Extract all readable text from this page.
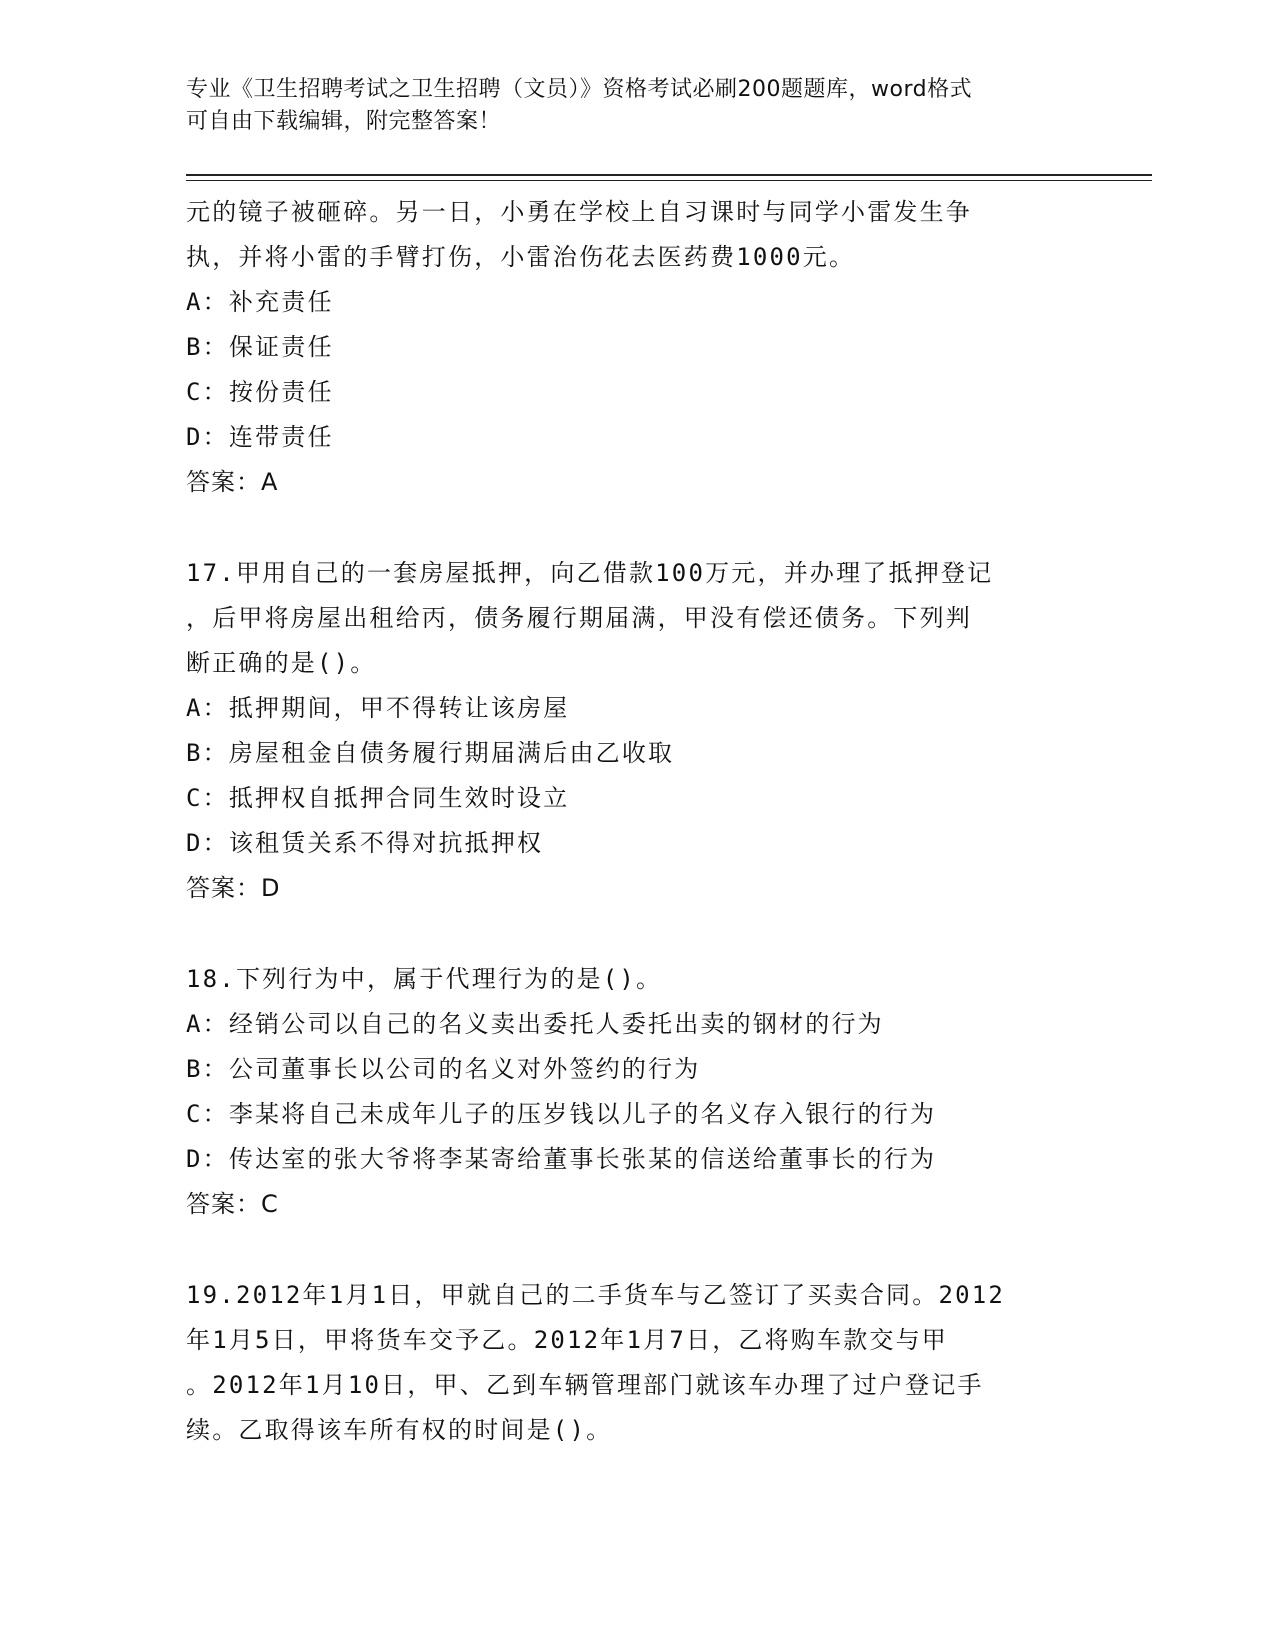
专业《卫生招聘考试之卫生招聘（文员）》资格考试必刷200题题库，word格式
可自由下载编辑，附完整答案！
元的镜子被砸碎。另一日，小勇在学校上自习课时与同学小雷发生争
执，并将小雷的手臂打伤，小雷治伤花去医药费1000元。
A：补充责任
B：保证责任
C：按份责任
D：连带责任
答案：A
17.甲用自己的一套房屋抵押，向乙借款100万元，并办理了抵押登记
，后甲将房屋出租给丙，债务履行期届满，甲没有偿还债务。下列判
断正确的是()。
A：抵押期间，甲不得转让该房屋
B：房屋租金自债务履行期届满后由乙收取
C：抵押权自抵押合同生效时设立
D：该租赁关系不得对抗抵押权
答案：D
18.下列行为中，属于代理行为的是()。
A：经销公司以自己的名义卖出委托人委托出卖的钢材的行为
B：公司董事长以公司的名义对外签约的行为
C：李某将自己未成年儿子的压岁钱以儿子的名义存入银行的行为
D：传达室的张大爷将李某寄给董事长张某的信送给董事长的行为
答案：C
19.2012年1月1日，甲就自己的二手货车与乙签订了买卖合同。2012
年1月5日，甲将货车交予乙。2012年1月7日，乙将购车款交与甲
。2012年1月10日，甲、乙到车辆管理部门就该车办理了过户登记手
续。乙取得该车所有权的时间是()。
